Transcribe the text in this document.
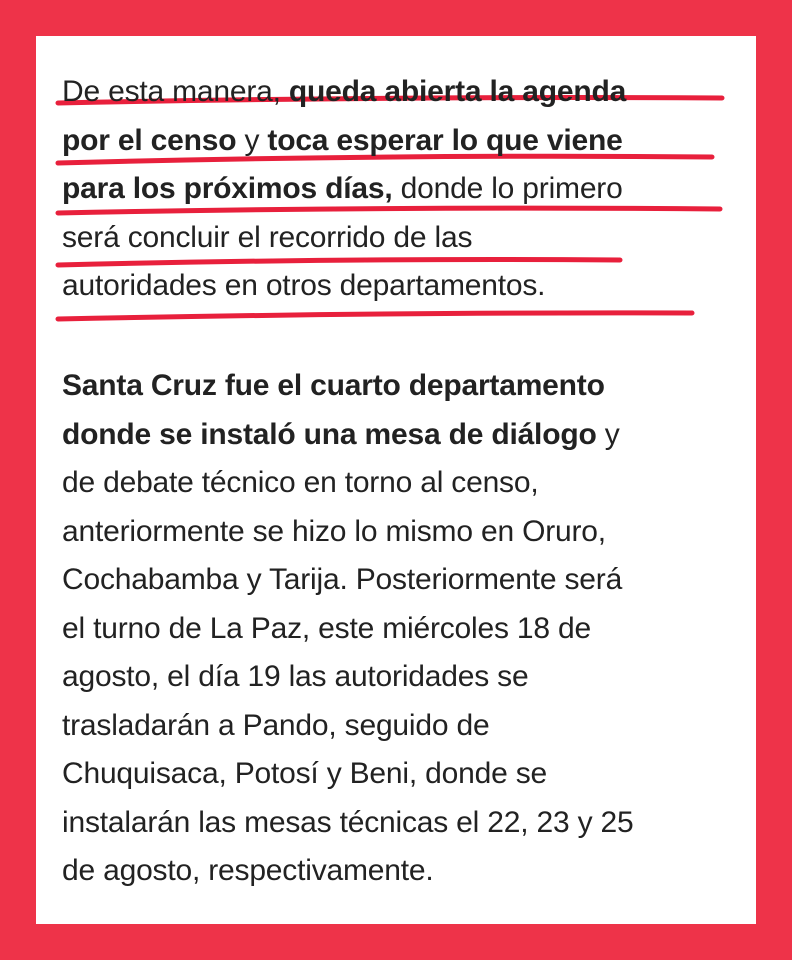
De esta manera, queda abierta la agenda
por el censo y toca esperar lo que viene
para los próximos días, donde lo primero
será concluir el recorrido de las
autoridades en otros departamentos.
Santa Cruz fue el cuarto departamento
donde se instaló una mesa de diálogo y
de debate técnico en torno al censo,
anteriormente se hizo lo mismo en Oruro,
Cochabamba y Tarija. Posteriormente será
el turno de La Paz, este miércoles 18 de
agosto, el día 19 las autoridades se
trasladarán a Pando, seguido de
Chuquisaca, Potosí y Beni, donde se
instalarán las mesas técnicas el 22, 23 y 25
de agosto, respectivamente.
